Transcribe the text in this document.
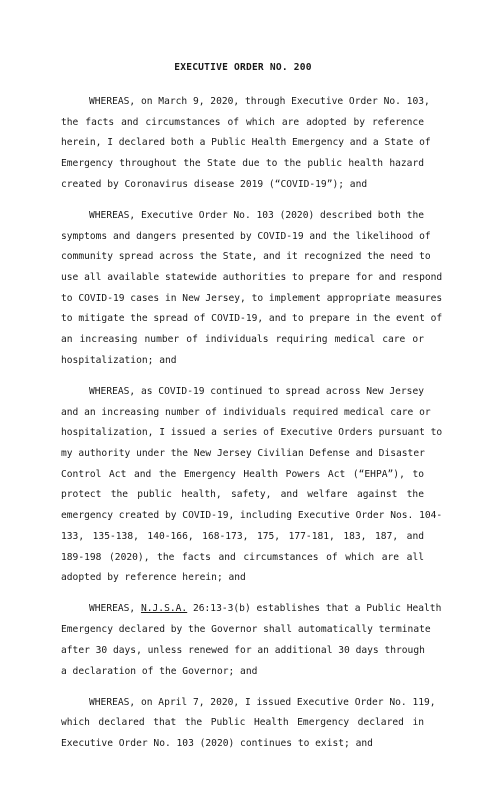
EXECUTIVE ORDER NO. 200
WHEREAS, on March 9, 2020, through Executive Order No. 103,
the facts and circumstances of which are adopted by reference
herein, I declared both a Public Health Emergency and a State of
Emergency throughout the State due to the public health hazard
created by Coronavirus disease 2019 (“COVID-19”); and
WHEREAS, Executive Order No. 103 (2020) described both the
symptoms and dangers presented by COVID-19 and the likelihood of
community spread across the State, and it recognized the need to
use all available statewide authorities to prepare for and respond
to COVID-19 cases in New Jersey, to implement appropriate measures
to mitigate the spread of COVID-19, and to prepare in the event of
an increasing number of individuals requiring medical care or
hospitalization; and
WHEREAS, as COVID-19 continued to spread across New Jersey
and an increasing number of individuals required medical care or
hospitalization, I issued a series of Executive Orders pursuant to
my authority under the New Jersey Civilian Defense and Disaster
Control Act and the Emergency Health Powers Act (“EHPA”), to
protect the public health, safety, and welfare against the
emergency created by COVID-19, including Executive Order Nos. 104-
133, 135-138, 140-166, 168-173, 175, 177-181, 183, 187, and
189-198 (2020), the facts and circumstances of which are all
adopted by reference herein; and
WHEREAS, N.J.S.A. 26:13-3(b) establishes that a Public Health
Emergency declared by the Governor shall automatically terminate
after 30 days, unless renewed for an additional 30 days through
a declaration of the Governor; and
WHEREAS, on April 7, 2020, I issued Executive Order No. 119,
which declared that the Public Health Emergency declared in
Executive Order No. 103 (2020) continues to exist; and
